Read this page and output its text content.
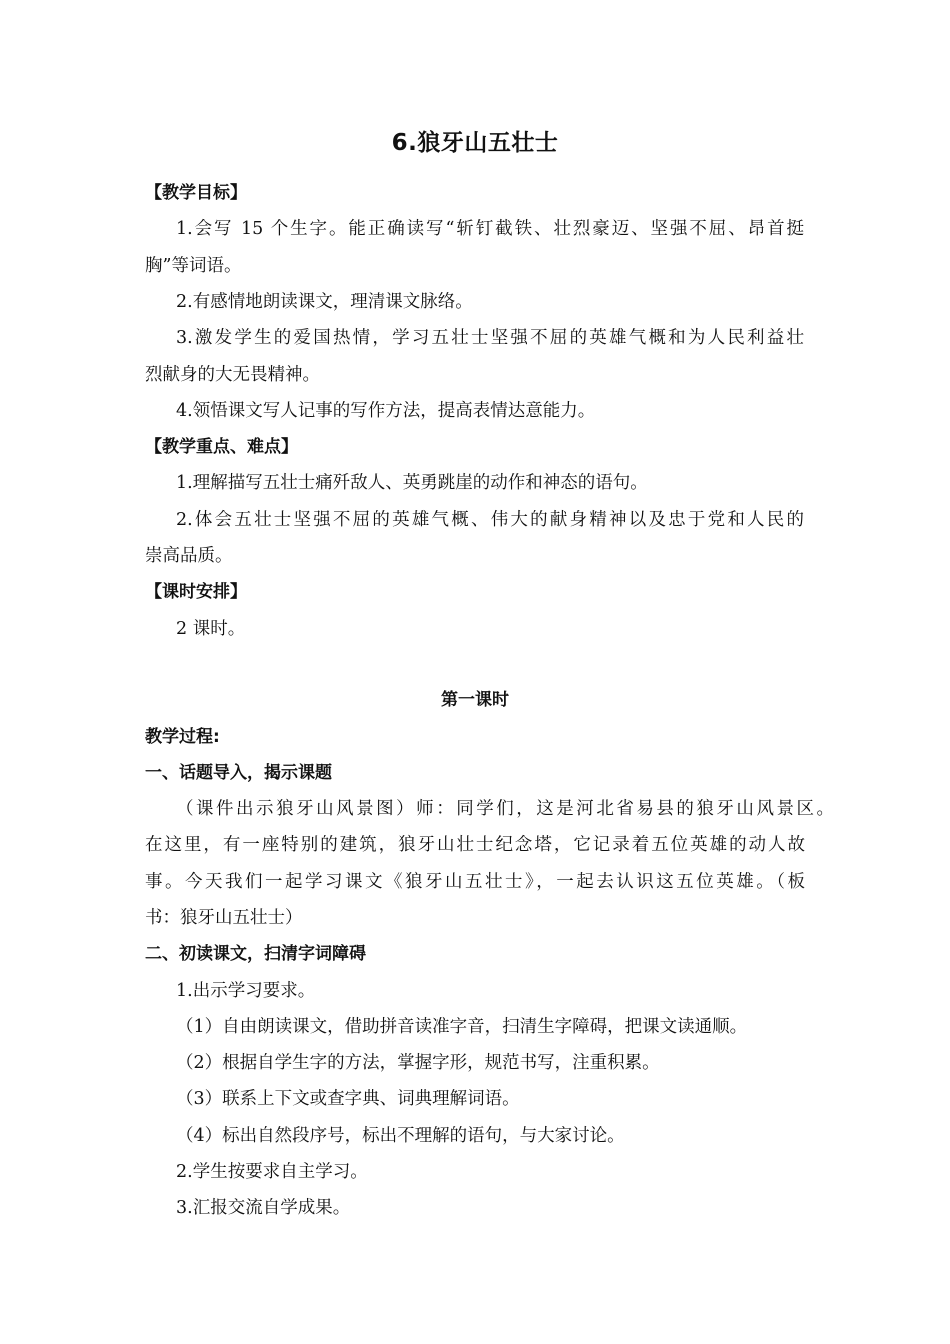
6.狼牙山五壮士
【教学目标】
1.会写 15 个生字。能正确读写“斩钉截铁、壮烈豪迈、坚强不屈、昂首挺
胸”等词语。
2.有感情地朗读课文，理清课文脉络。
3.激发学生的爱国热情，学习五壮士坚强不屈的英雄气概和为人民利益壮
烈献身的大无畏精神。
4.领悟课文写人记事的写作方法，提高表情达意能力。
【教学重点、难点】
1.理解描写五壮士痛歼敌人、英勇跳崖的动作和神态的语句。
2.体会五壮士坚强不屈的英雄气概、伟大的献身精神以及忠于党和人民的
崇高品质。
【课时安排】
2 课时。
第一课时
教学过程:
一、话题导入，揭示课题
（课件出示狼牙山风景图）师：同学们，这是河北省易县的狼牙山风景区。
在这里，有一座特别的建筑，狼牙山壮士纪念塔，它记录着五位英雄的动人故
事。今天我们一起学习课文《狼牙山五壮士》，一起去认识这五位英雄。（板
书：狼牙山五壮士）
二、初读课文，扫清字词障碍
1.出示学习要求。
（1）自由朗读课文，借助拼音读准字音，扫清生字障碍，把课文读通顺。
（2）根据自学生字的方法，掌握字形，规范书写，注重积累。
（3）联系上下文或查字典、词典理解词语。
（4）标出自然段序号，标出不理解的语句，与大家讨论。
2.学生按要求自主学习。
3.汇报交流自学成果。
